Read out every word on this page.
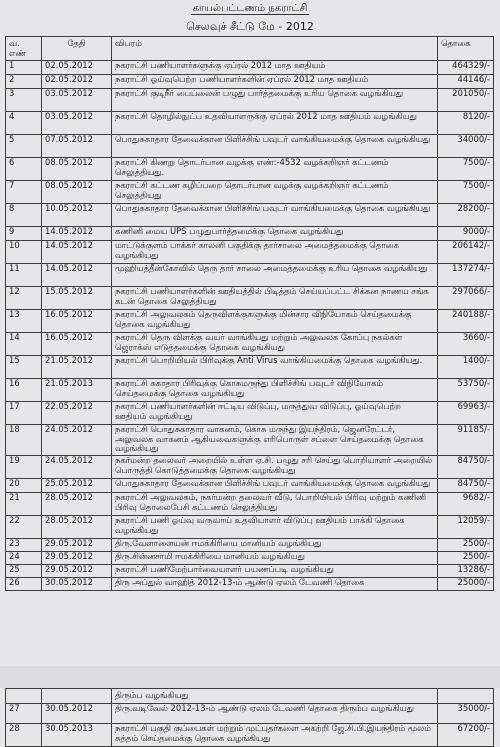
காயல்பட்டணம் நகராட்சி
செலவுச் சீட்டு மே - 2012
வ. எண்	தேதி	விபரம்	தொகை
1	02.05.2012	நகராட்சி பணியாளர்களுக்கு ஏப்ரல் 2012 மாத ஊதியம்	464329/-
2	02.05.2012	நகராட்சி ஓய்வுபெற்ற பணியாளர்களின் ஏப்ரல் 2012 மாத ஊதியம்	44146/-
3	03.05.2012	நகராட்சி குடிநீர் பைப்லைன் பழுது பார்த்தமைக்கு உரிய தொகை வழங்கியது	201050/-
4	03.05.2012	நகராட்சி தொழில்நுட்ப உதவியாளருக்கு ஏப்ரல் 2012 மாத ஊதியம் வழங்கியது	8120/-
5	07.05.2012	பொதுசுகாதார தேவைக்கான பிளிச்சிங் பவுடர் வாங்கியமைக்கு தொகை வழங்கியது	34000/-
6	08.05.2012	நகராட்சி கிணறு தொடர்பான வழக்கு எண்:-4532 வழக்கறிஞர் கட்டணம் செலுத்தியது.	7500/-
7	08.05.2012	நகராட்சி கட்டண கழிப்பறை தொடர்பான வழக்கு வழக்கறிஞர் கட்டணம் செலுத்தியது	7500/-
8	10.05.2012	பொதுசுகாதார தேவைக்கான பிளிச்சிங் பவுடர் வாங்கியமைக்கு தொகை வழங்கியது	28200/-
9	14.05.2012	கணினி மைய UPS பழுதுபார்த்தமைக்கு தொகை வழங்கியது	9000/-
10	14.05.2012	மாட்டுக்குளம் பாக்கர் காலனி பகுதிக்கு தார்சாலை அமைத்தமைக்கு தொகை வழங்கியது	206142/-
11	14.05.2012	முஹியத்தீன்கோவில் தெரு தார் சாலை அமைத்தமைக்கு உரிய தொகை வழங்கியது	137274/-
12	15.05.2012	நகராட்சி பணியாளர்களின் ஊதியத்தில் பிடித்தம் செய்யப்பட்ட சிக்கன நாணய சங்க கடன் தொகை செலுத்தியது	297066/-
13	16.05.2012	நகராட்சி அலுவலகம் தெருவிளக்குகளுக்கு மின்சார விநியோகம் செய்தமைக்கு தொகை வழங்கியது	240188/-
14	16.05.2012	நகராட்சி தெரு விளக்கு வயர் வாங்கியது மற்றும் அலுவலக கோப்பு நகல்கள் ஜெராக்ஸ் எடுத்தமைக்கு தொகை வழங்கியது	3660/-
15	21.05.2012	நகராட்சி பொறியியல் பிரிவுக்கு Anti Virus வாங்கியமைக்கு தொகை வழங்கியது.	1400/-
16	21.05.2013	நகராட்சி சுகாதார பிரிவுக்கு கொசுமருந்து பிளிச்சிங் பவுடர் விநியோகம் செய்தமைக்கு தொகை வழங்கியது	53750/-
17	22.05.2012	நகராட்சி பணியாளர்களின் ஈட்டிய விடுப்பு, மருத்துவ விடுப்பு, ஓய்வுபெற்ற ஊதியம் வழங்கியது	69963/-
18	24.05.2012	நகராட்சி பொதுசுகாதார வாகனம், கொசு மருந்து இயந்திரம், ஜெனரேட்டர், அலுவலக வாகனம் ஆகியவைகளுக்கு எரிபொருள் சப்ளை செய்தமைக்கு தொகை வழங்கியது	91185/-
19	24.05.2012	நகர்மன்ற தலைவர் அறையில் உள்ள ஏ.சி. பழுது சரி செய்து பொறியாளர் அறையில் பொருத்தி கொடுத்தமைக்கு தொகை வழங்கியது	84750/-
20	25.05.2012	பொதுசுகாதார தேவைக்கான பிளிச்சிங் பவுடர் வாங்கியமைக்கு தொகை வழங்கியது	84750/-
21	28.05.2012	நகராட்சி அலுவலகம், நகர்மன்ற தலைவர் வீடு, பொறியியல் பிரிவு மற்றும் கணினி பிரிவு தொலைபேசி கட்டணம் செலுத்தியது	9682/-
22	28.05.2012	நகராட்சி பணி ஓய்வு வருவாய் உதவியாளர் விடுப்பு ஊதியம் பாக்கி தொகை வழங்கியது	12059/-
23	29.05.2012	திரு.வேளாளையன் ஈமக்கிரியை மானியம் வழங்கியது	2500/-
24	29.05.2012	திரு.சின்னசாமி ஈமக்கிரியை மானியம் வழங்கியது	2500/-
25	29.05.2012	நகராட்சி பணிமேற்பார்வையாளர் பயணப்படி வழங்கியது	13286/-
26	30.05.2012	திரு அப்துல் வாஹித் 2012-13-ம் ஆண்டு ஏலம் டேவணி தொகை	25000/-
		திரும்ப வழங்கியது	
27	30.05.2012	திரு.வடிவேல் 2012-13-ம் ஆண்டு ஏலம் டேவணி தொகை திரும்ப வழங்கியது	35000/-
28	30.05.2013	நகராட்சி பகுதி குப்பைகள் மற்றும் முட்புதர்களை அகற்றி ஜே.சி.பி.இயந்திரம் மூலம் சுத்தம் செய்தமைக்கு தொகை வழங்கியது	67200/-
